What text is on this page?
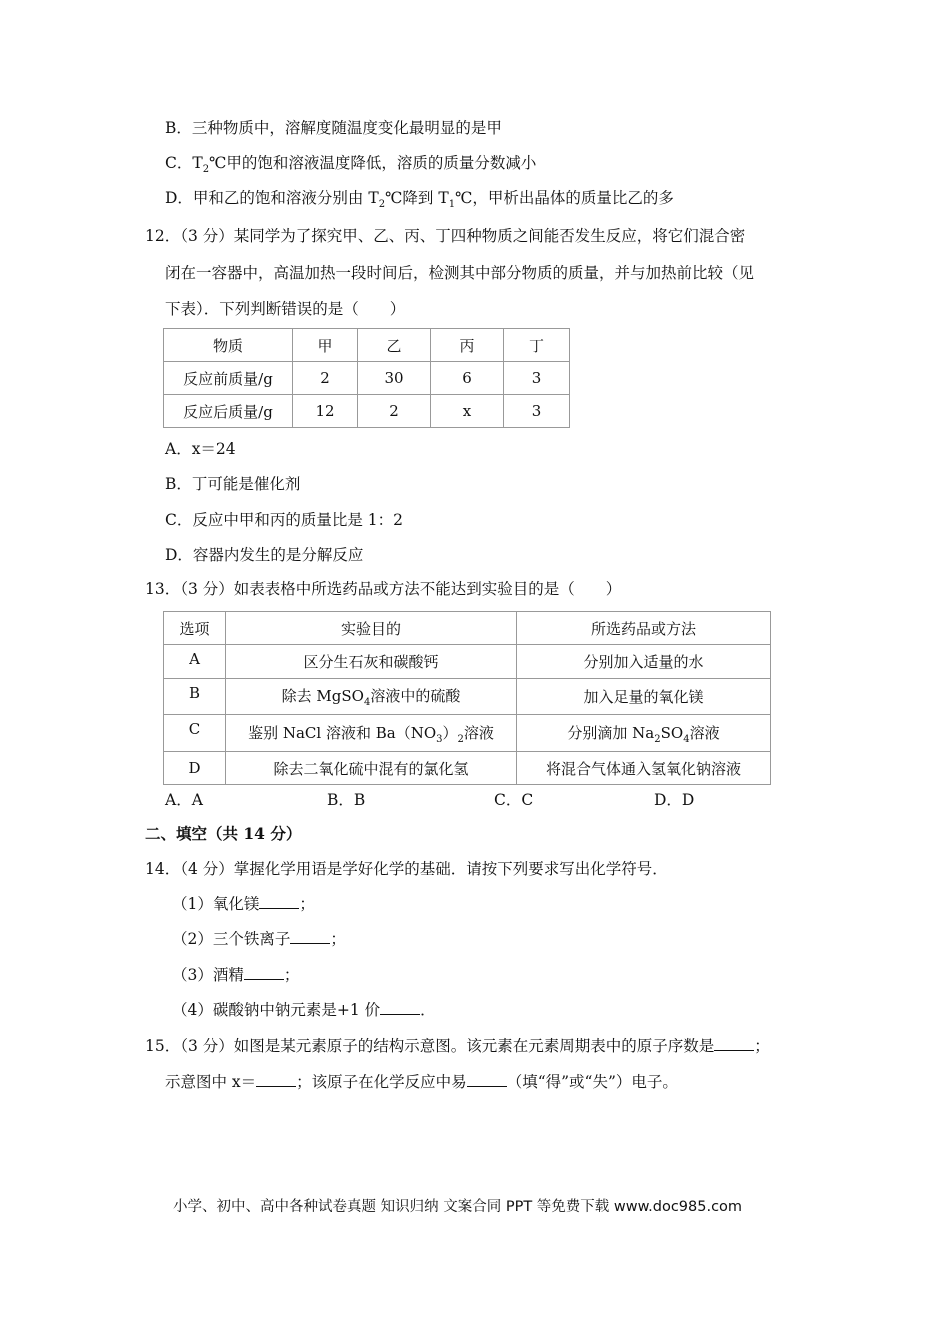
B．三种物质中，溶解度随温度变化最明显的是甲
C．$T_2℃$甲的饱和溶液温度降低，溶质的质量分数减小
D．甲和乙的饱和溶液分别由 $T_2℃$降到 $T_1℃$，甲析出晶体的质量比乙的多
12．（3 分）某同学为了探究甲、乙、丙、丁四种物质之间能否发生反应，将它们混合密
闭在一容器中，高温加热一段时间后，检测其中部分物质的质量，并与加热前比较（见
下表）．下列判断错误的是（　　）
物质	甲	乙	丙	丁
反应前质量/g	2	30	6	3
反应后质量/g	12	2	x	3
A．x＝24
B．丁可能是催化剂
C．反应中甲和丙的质量比是 1：2
D．容器内发生的是分解反应
13．（3 分）如表表格中所选药品或方法不能达到实验目的是（　　）
选项	实验目的	所选药品或方法
A	区分生石灰和碳酸钙	分别加入适量的水
B	除去 MgSO$_4$溶液中的硫酸	加入足量的氧化镁
C	鉴别 NaCl 溶液和 $Ba(NO_3)_2$溶液	分别滴加 $Na_2SO_4$溶液
D	除去二氧化硫中混有的氯化氢	将混合气体通入氢氧化钠溶液
A．A	B．B	C．C	D．D
二、填空（共 14 分）
14．（4 分）掌握化学用语是学好化学的基础．请按下列要求写出化学符号．
（1）氧化镁	；
（2）三个铁离子	；
（3）酒精	；
（4）碳酸钠中钠元素是+1 价	．
15．（3 分）如图是某元素原子的结构示意图。该元素在元素周期表中的原子序数是	；
示意图中 x＝	；该原子在化学反应中易	（填“得”或“失”）电子。
小学、初中、高中各种试卷真题 知识归纳 文案合同 PPT 等免费下载 www.doc985.com
